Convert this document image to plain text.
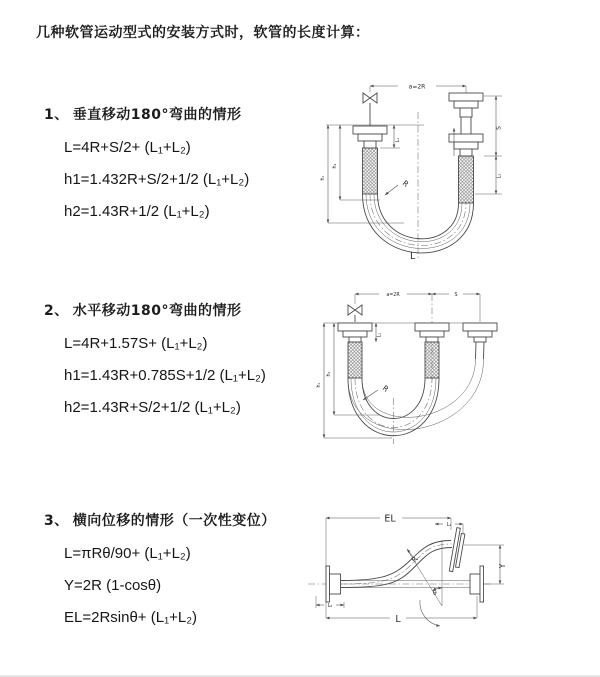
几种软管运动型式的安装方式时，软管的长度计算：
1、 垂直移动180°弯曲的情形
L=4R+S/2+ (L₁+L₂)
h1=1.432R+S/2+1/2 (L₁+L₂)
h2=1.43R+1/2 (L₁+L₂)
a=2R
L₁
S
L₂
h₁
h₂
R
L
2、 水平移动180°弯曲的情形
L=4R+1.57S+ (L₁+L₂)
h1=1.43R+0.785S+1/2 (L₁+L₂)
h2=1.43R+S/2+1/2 (L₁+L₂)
a=2R	S
L₁
h₁
h₂
R
3、 横向位移的情形（一次性变位）
L=πRθ/90+ (L₁+L₂)
Y=2R (1-cosθ)
EL=2Rsinθ+ (L₁+L₂)
EL
L₁
Y
R
θ
L
L₂
